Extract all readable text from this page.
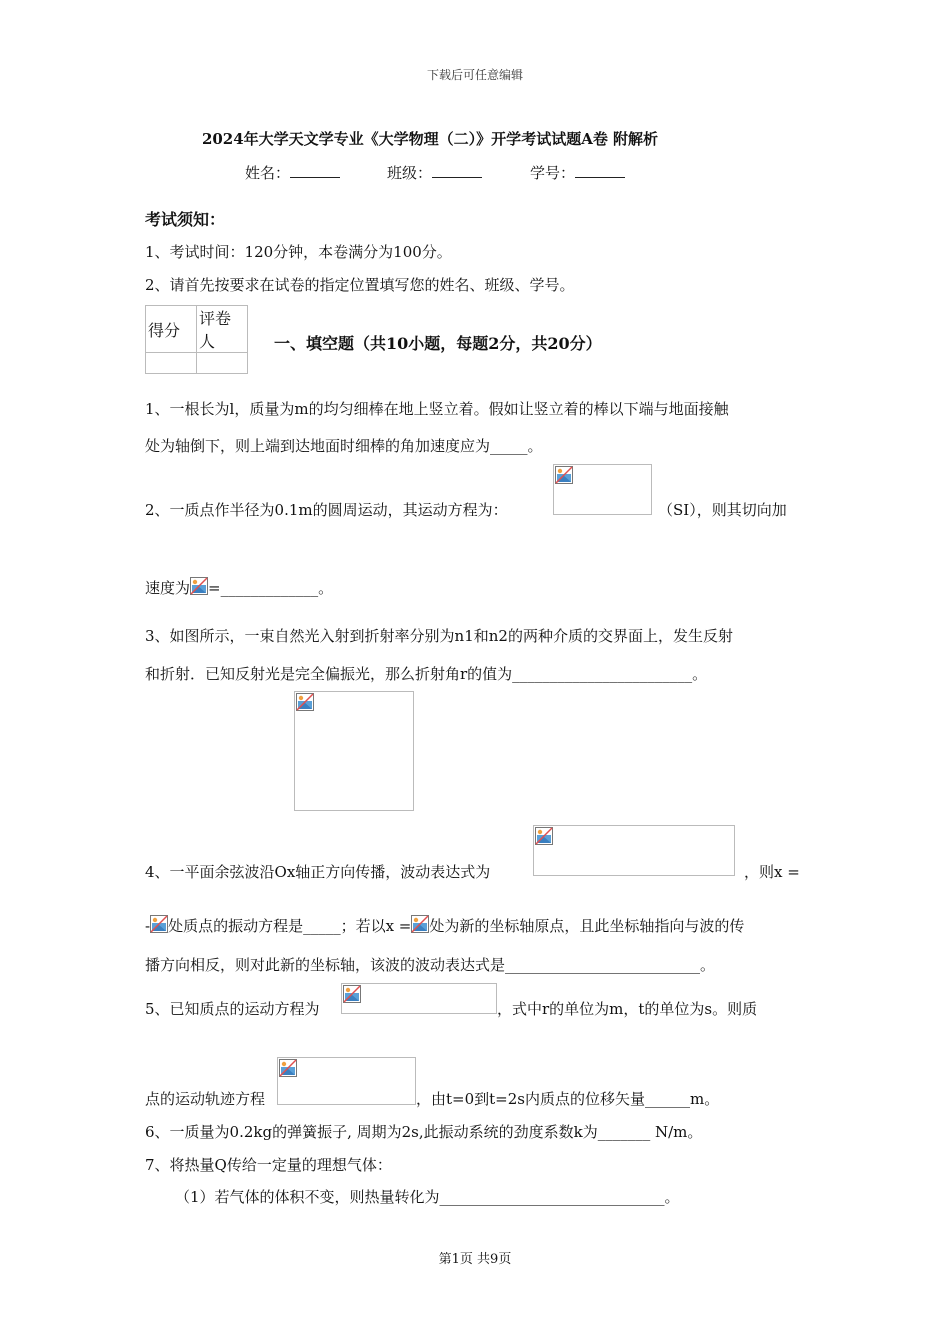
下载后可任意编辑
2024年大学天文学专业《大学物理（二）》开学考试试题A卷 附解析
姓名：	班级：	学号：
考试须知：
1、考试时间：120分钟，本卷满分为100分。
2、请首先按要求在试卷的指定位置填写您的姓名、班级、学号。
得分	评卷人
		一、填空题（共10小题，每题2分，共20分）
1、一根长为l，质量为m的均匀细棒在地上竖立着。假如让竖立着的棒以下端与地面接触
处为轴倒下，则上端到达地面时细棒的角加速度应为_____。
2、一质点作半径为0.1m的圆周运动，其运动方程为：	（SI），则其切向加
速度为 =_____________。
3、如图所示，一束自然光入射到折射率分别为n1和n2的两种介质的交界面上，发生反射
和折射．已知反射光是完全偏振光，那么折射角r的值为________________________。
4、一平面余弦波沿Ox轴正方向传播，波动表达式为	，则x =
- 处质点的振动方程是_____；若以x = 处为新的坐标轴原点，且此坐标轴指向与波的传
播方向相反，则对此新的坐标轴，该波的波动表达式是__________________________。
5、已知质点的运动方程为	，式中r的单位为m，t的单位为s。则质
点的运动轨迹方程	，由t=0到t=2s内质点的位移矢量______m。
6、一质量为0.2kg的弹簧振子, 周期为2s,此振动系统的劲度系数k为_______ N/m。
7、将热量Q传给一定量的理想气体：
（1）若气体的体积不变，则热量转化为______________________________。
第1页 共9页
